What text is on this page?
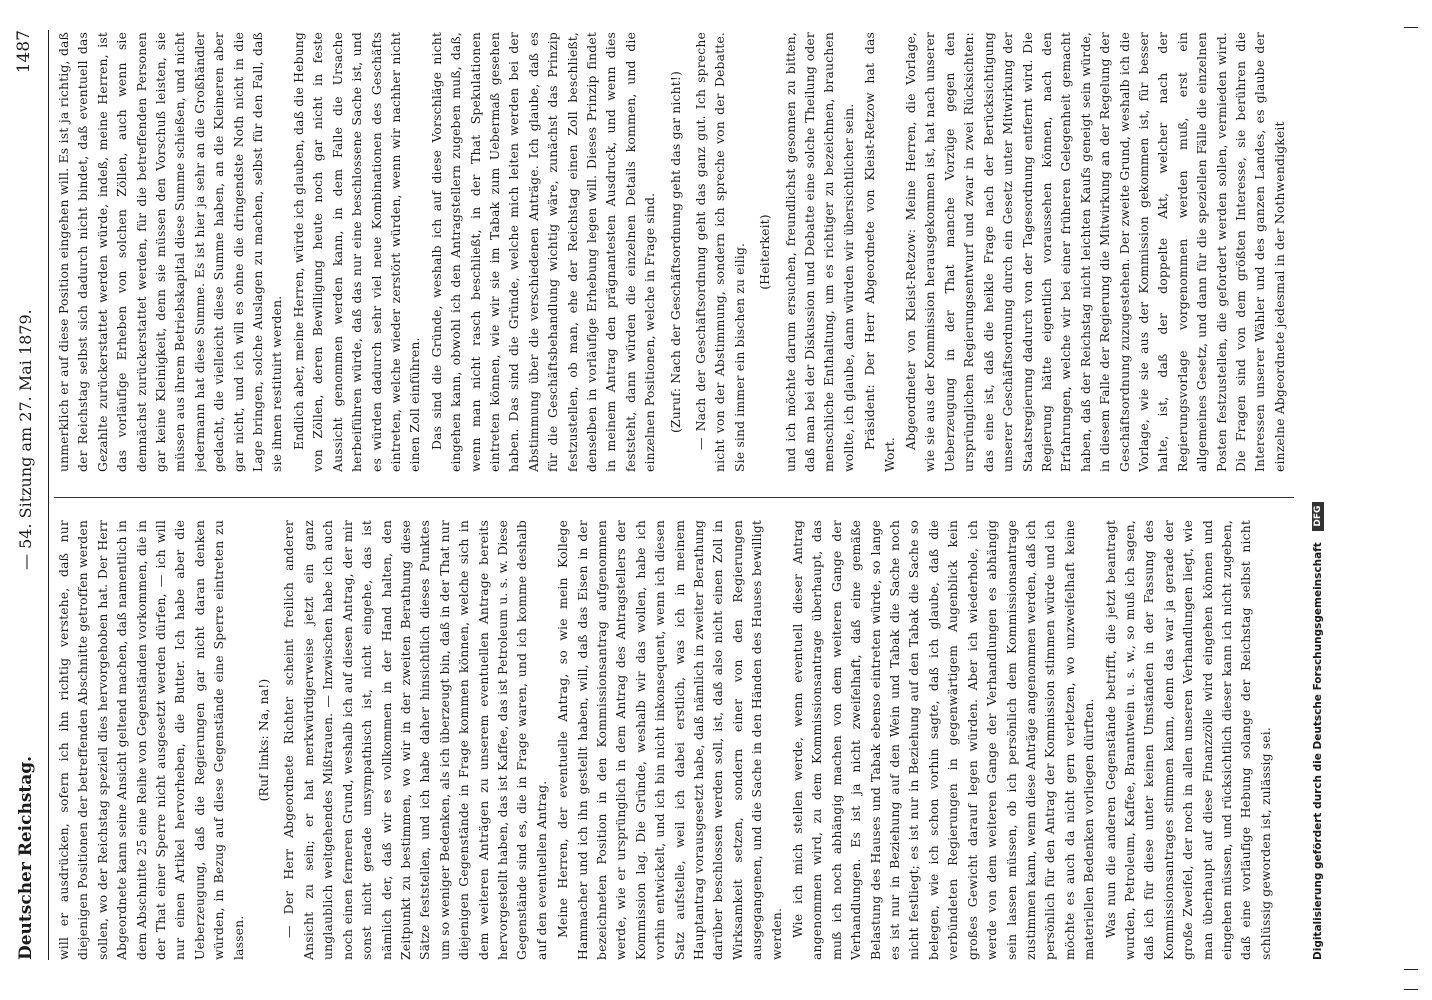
Deutscher Reichstag.
— 54. Sitzung am 27. Mai 1879.
1487

will er ausdrücken, sofern ich ihn richtig verstehe, daß nur diejenigen Positionen der betreffenden Abschnitte getroffen werden sollen, wo der Reichstag speziell dies hervorgehoben hat. Der Herr Abgeordnete kann seine Ansicht geltend machen, daß namentlich in dem Abschnitte 25 eine Reihe von Gegenständen vorkommen, die in der That einer Sperre nicht ausgesetzt werden dürfen, — ich will nur einen Artikel hervorheben, die Butter. Ich habe aber die Ueberzeugung, daß die Regierungen gar nicht daran denken würden, in Bezug auf diese Gegenstände eine Sperre eintreten zu lassen.

(Ruf links: Na, na!) — Der Herr Abgeordnete Richter scheint freilich anderer Ansicht zu sein; er hat merkwürdigerweise jetzt ein ganz unglaublich weitgehendes Mißtrauen. — Inzwischen habe ich auch noch einen ferneren Grund, weshalb ich auf diesen Antrag, der mir sonst nicht gerade unsympathisch ist, nicht eingehe, das ist nämlich der, daß wir es vollkommen in der Hand halten, den Zeitpunkt zu bestimmen, wo wir in der zweiten Berathung diese Sätze feststellen, und ich habe daher hinsichtlich dieses Punktes um so weniger Bedenken, als ich überzeugt bin, daß in der That nur diejenigen Gegenstände in Frage kommen können, welche sich in dem weiteren Anträgen zu unserem eventuellen Antrage bereits hervorgestellt haben, das ist Kaffee, das ist Petroleum u. s. w. Diese Gegenstände sind es, die in Frage waren, und ich komme deshalb auf den eventuellen Antrag. Meine Herren, der eventuelle Antrag, so wie mein Kollege Hammacher und ich ihn gestellt haben, will, daß das Eisen in der bezeichneten Position in den Kommissionsantrag aufgenommen werde, wie er ursprünglich in dem Antrag des Antragstellers der Kommission lag. Die Gründe, weshalb wir das wollen, habe ich vorhin entwickelt, und ich bin nicht inkonsequent, wenn ich diesen Satz aufstelle, weil ich dabei erstlich, was ich in meinem Hauptantrag vorausgesetzt habe, daß nämlich in zweiter Berathung darüber beschlossen werden soll, ist, daß also nicht einen Zoll in Wirksamkeit setzen, sondern einer von den Regierungen ausgegangenen, und die Sache in den Händen des Hauses bewilligt werden. Wie ich mich stellen werde, wenn eventuell dieser Antrag angenommen wird, zu dem Kommissionsantrage überhaupt, das muß ich noch abhängig machen von dem weiteren Gange der Verhandlungen. Es ist ja nicht zweifelhaft, daß eine gemäße Belastung des Hauses und Tabak ebenso eintreten würde, so lange es ist nur in Beziehung auf den Wein und Tabak die Sache noch nicht festliegt; es ist nur in Beziehung auf den Tabak die Sache so belegen, wie ich schon vorhin sagte, daß ich glaube, daß die verbündeten Regierungen in gegenwärtigem Augenblick kein großes Gewicht darauf legen würden. Aber ich wiederhole, ich werde von dem weiteren Gange der Verhandlungen es abhängig sein lassen müssen, ob ich persönlich dem Kommissionsantrage zustimmen kann, wenn diese Anträge angenommen werden, daß ich persönlich für den Antrag der Kommission stimmen würde und ich möchte es auch da nicht gern verletzen, wo unzweifelhaft keine materiellen Bedenken vorliegen dürften. Was nun die anderen Gegenstände betrifft, die jetzt beantragt wurden, Petroleum, Kaffee, Branntwein u. s. w., so muß ich sagen, daß ich für diese unter keinen Umständen in der Fassung des Kommissionsantrages stimmen kann, denn das war ja gerade der große Zweifel, der noch in allen unseren Verhandlungen liegt, wie man überhaupt auf diese Finanzzölle wird eingehen können und eingehen müssen, und rücksichtlich dieser kann ich nicht zugeben, daß eine vorläufige Hebung solange der Reichstag selbst nicht schlüssig geworden ist, zulässig sei.

unmerklich er auf diese Position eingehen will. Es ist ja richtig, daß der Reichstag selbst sich dadurch nicht bindet, daß eventuell das Gezahlte zurückerstattet werden würde, indeß, meine Herren, ist das vorläufige Erheben von solchen Zöllen, auch wenn sie demnächst zurückerstattet werden, für die betreffenden Personen gar keine Kleinigkeit, denn sie müssen den Vorschuß leisten, sie müssen aus ihrem Betriebskapital diese Summe schießen, und nicht jedermann hat diese Summe. Es ist hier ja sehr an die Großhändler gedacht, die vielleicht diese Summe haben, an die Kleineren aber gar nicht, und ich will es ohne die dringendste Noth nicht in die Lage bringen, solche Auslagen zu machen, selbst für den Fall, daß sie ihnen restituirt werden. Endlich aber, meine Herren, würde ich glauben, daß die Hebung von Zöllen, deren Bewilligung heute noch gar nicht in feste Aussicht genommen werden kann, in dem Falle die Ursache herbeiführen würde, daß das nur eine beschlossene Sache ist, und es würden dadurch sehr viel neue Kombinationen des Geschäfts eintreten, welche wieder zerstört würden, wenn wir nachher nicht einen Zoll einführen. Das sind die Gründe, weshalb ich auf diese Vorschläge nicht eingehen kann, obwohl ich den Antragstellern zugeben muß, daß, wenn man nicht rasch beschließt, in der That Spekulationen eintreten können, wie wir sie im Tabak zum Uebermaß gesehen haben. Das sind die Gründe, welche mich leiten werden bei der Abstimmung über die verschiedenen Anträge. Ich glaube, daß es für die Geschäftsbehandlung wichtig wäre, zunächst das Prinzip festzustellen, ob man, ehe der Reichstag einen Zoll beschließt, denselben in vorläufige Erhebung legen will. Dieses Prinzip findet in meinem Antrag den prägnantesten Ausdruck, und wenn dies feststeht, dann würden die einzelnen Details kommen, und die einzelnen Positionen, welche in Frage sind. (Zuruf: Nach der Geschäftsordnung geht das gar nicht!) — Nach der Geschäftsordnung geht das ganz gut. Ich spreche nicht von der Abstimmung, sondern ich spreche von der Debatte. Sie sind immer ein bischen zu eilig. (Heiterkeit) und ich möchte darum ersuchen, freundlichst gesonnen zu bitten, daß man bei der Diskussion und Debatte eine solche Theilung oder menschliche Enthaltung, um es richtiger zu bezeichnen, brauchen wollte, ich glaube, dann würden wir übersichtlicher sein. Präsident: Der Herr Abgeordnete von Kleist-Retzow hat das Wort.

Abgeordneter von Kleist-Retzow: Meine Herren, die Vorlage, wie sie aus der Kommission herausgekommen ist, hat nach unserer Ueberzeugung in der That manche Vorzüge gegen den ursprünglichen Regierungsentwurf und zwar in zwei Rücksichten: das eine ist, daß die heikle Frage nach der Berücksichtigung unserer Geschäftsordnung durch ein Gesetz unter Mitwirkung der Staatsregierung dadurch von der Tagesordnung entfernt wird. Die Regierung hätte eigentlich voraussehen können, nach den Erfahrungen, welche wir bei einer früheren Gelegenheit gemacht haben, daß der Reichstag nicht leichten Kaufs geneigt sein würde, in diesem Falle der Regierung die Mitwirkung an der Regelung der Geschäftsordnung zuzugestehen. Der zweite Grund, weshalb ich die Vorlage, wie sie aus der Kommission gekommen ist, für besser halte, ist, daß der doppelte Akt, welcher nach der Regierungsvorlage vorgenommen werden muß, erst ein allgemeines Gesetz, und dann für die speziellen Fälle die einzelnen Posten festzustellen, die gefordert werden sollen, vermieden wird. Die Fragen sind von dem größten Interesse, sie berühren die Interessen unserer Wähler und des ganzen Landes, es glaube der einzelne Abgeordnete jedesmal in der Nothwendigkeit

Digitalisierung gefördert durch die Deutsche Forschungsgemeinschaft DFG
